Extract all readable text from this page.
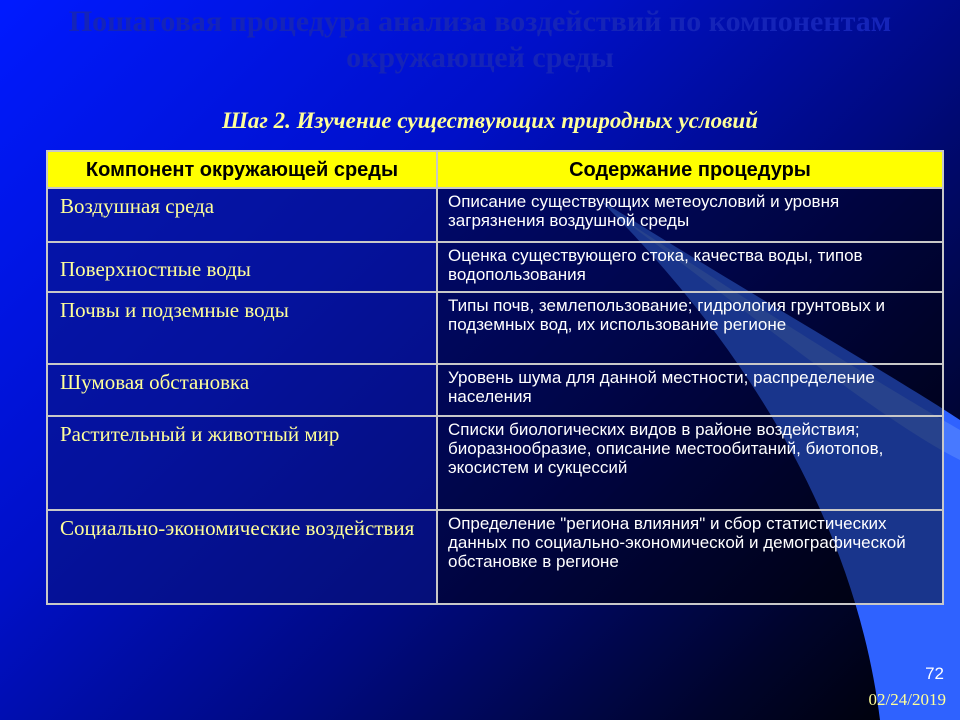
Пошаговая процедура анализа воздействий по компонентам окружающей среды
Шаг 2. Изучение существующих природных условий
Компонент окружающей среды	Содержание процедуры
Воздушная среда	Описание существующих метеоусловий и уровня загрязнения воздушной среды
Поверхностные воды	Оценка существующего стока, качества воды, типов водопользования
Почвы и подземные воды	Типы почв, землепользование; гидрология грунтовых и подземных вод, их использование регионе
Шумовая обстановка	Уровень шума для данной местности; распределение населения
Растительный и животный мир	Списки биологических видов в районе воздействия; биоразнообразие, описание местообитаний, биотопов, экосистем и сукцессий
Социально-экономические воздействия	Определение "региона влияния" и сбор статистических данных по социально-экономической и демографической обстановке в регионе
72
02/24/2019
